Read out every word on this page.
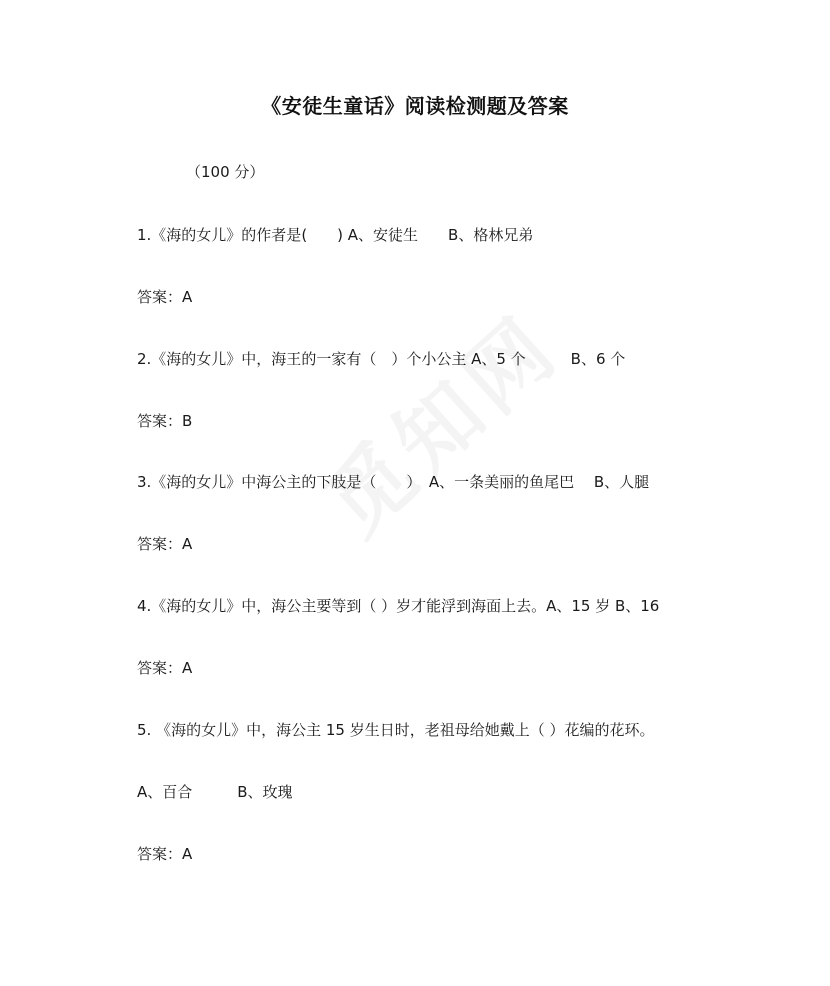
《安徒生童话》阅读检测题及答案
（100 分）
1.《海的女儿》的作者是(　　) A、安徒生　　B、格林兄弟
答案：A
2.《海的女儿》中，海王的一家有（　）个小公主 A、5 个　　　B、6 个
答案：B
3.《海的女儿》中海公主的下肢是（　　）　A、一条美丽的鱼尾巴　 B、人腿
答案：A
4.《海的女儿》中，海公主要等到（ ）岁才能浮到海面上去。A、15 岁 B、16
答案：A
5. 《海的女儿》中，海公主 15 岁生日时，老祖母给她戴上（ ）花编的花环。
A、百合　　　B、玫瑰
答案：A
